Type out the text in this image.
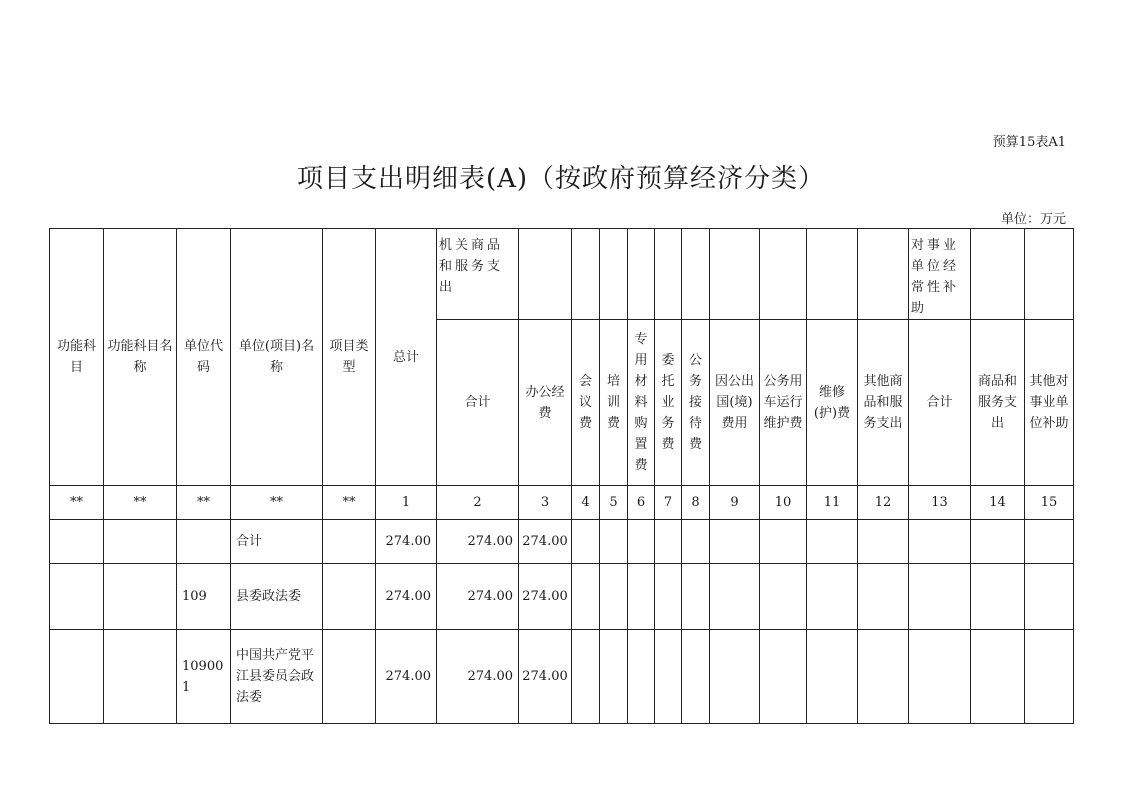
预算15表A1
项目支出明细表(A)（按政府预算经济分类）
单位：万元
功能科目	功能科目名称	单位代码	单位(项目)名称	项目类型	总计	机关商品和服务支出											对事业单位经常性补助		
						合计	办公经费	会议费	培训费	专用材料购置费	委托业务费	公务接待费	因公出国(境)费用	公务用车运行维护费	维修(护)费	其他商品和服务支出	合计	商品和服务支出	其他对事业单位补助
**	**	**	**	**	1	2	3	4	5	6	7	8	9	10	11	12	13	14	15
			合计		274.00	274.00	274.00												
		109	县委政法委		274.00	274.00	274.00												
		109001	中国共产党平江县委员会政法委		274.00	274.00	274.00												
